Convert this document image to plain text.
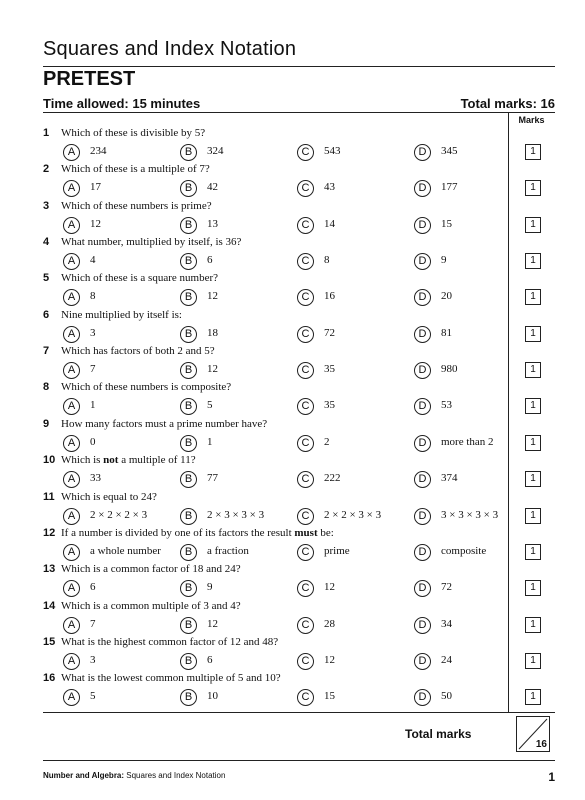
Squares and Index Notation
PRETEST
Time allowed: 15 minutes	Total marks: 16
Marks
1 Which of these is divisible by 5?
A	234	B	324	C	543	D	345	1
2 Which of these is a multiple of 7?
A	17	B	42	C	43	D	177	1
3 Which of these numbers is prime?
A	12	B	13	C	14	D	15	1
4 What number, multiplied by itself, is 36?
A	4	B	6	C	8	D	9	1
5 Which of these is a square number?
A	8	B	12	C	16	D	20	1
6 Nine multiplied by itself is:
A	3	B	18	C	72	D	81	1
7 Which has factors of both 2 and 5?
A	7	B	12	C	35	D	980	1
8 Which of these numbers is composite?
A	1	B	5	C	35	D	53	1
9 How many factors must a prime number have?
A	0	B	1	C	2	D	more than 2	1
10 Which is not a multiple of 11?
A	33	B	77	C	222	D	374	1
11 Which is equal to 24?
A	2 × 2 × 2 × 3	B	2 × 3 × 3 × 3	C	2 × 2 × 3 × 3	D	3 × 3 × 3 × 3	1
12 If a number is divided by one of its factors the result must be:
A	a whole number	B	a fraction	C	prime	D	composite	1
13 Which is a common factor of 18 and 24?
A	6	B	9	C	12	D	72	1
14 Which is a common multiple of 3 and 4?
A	7	B	12	C	28	D	34	1
15 What is the highest common factor of 12 and 48?
A	3	B	6	C	12	D	24	1
16 What is the lowest common multiple of 5 and 10?
A	5	B	10	C	15	D	50	1
Total marks
16
Number and Algebra: Squares and Index Notation	1
